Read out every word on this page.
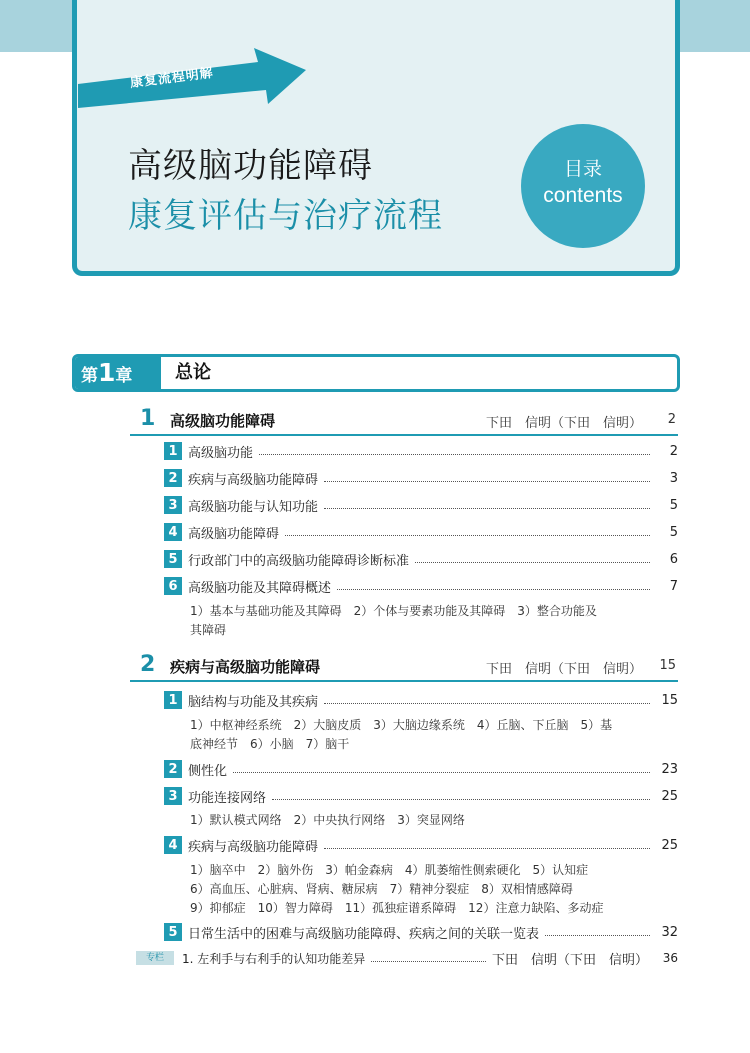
康复流程明解
高级脑功能障碍
康复评估与治疗流程
目录
contents
第1章	总论
1 高级脑功能障碍	下田　信明（下田　信明） 2
1 高级脑功能	2
2 疾病与高级脑功能障碍	3
3 高级脑功能与认知功能	5
4 高级脑功能障碍	5
5 行政部门中的高级脑功能障碍诊断标准	6
6 高级脑功能及其障碍概述	7
1）基本与基础功能及其障碍　2）个体与要素功能及其障碍　3）整合功能及
其障碍
2 疾病与高级脑功能障碍	下田　信明（下田　信明） 15
1 脑结构与功能及其疾病	15
1）中枢神经系统　2）大脑皮质　3）大脑边缘系统　4）丘脑、下丘脑　5）基
底神经节　6）小脑　7）脑干
2 侧性化	23
3 功能连接网络	25
1）默认模式网络　2）中央执行网络　3）突显网络
4 疾病与高级脑功能障碍	25
1）脑卒中　2）脑外伤　3）帕金森病　4）肌萎缩性侧索硬化　5）认知症
6）高血压、心脏病、肾病、糖尿病　7）精神分裂症　8）双相情感障碍
9）抑郁症　10）智力障碍　11）孤独症谱系障碍　12）注意力缺陷、多动症
5 日常生活中的困难与高级脑功能障碍、疾病之间的关联一览表	32
专栏	1. 左利手与右利手的认知功能差异	下田　信明（下田　信明）	36
